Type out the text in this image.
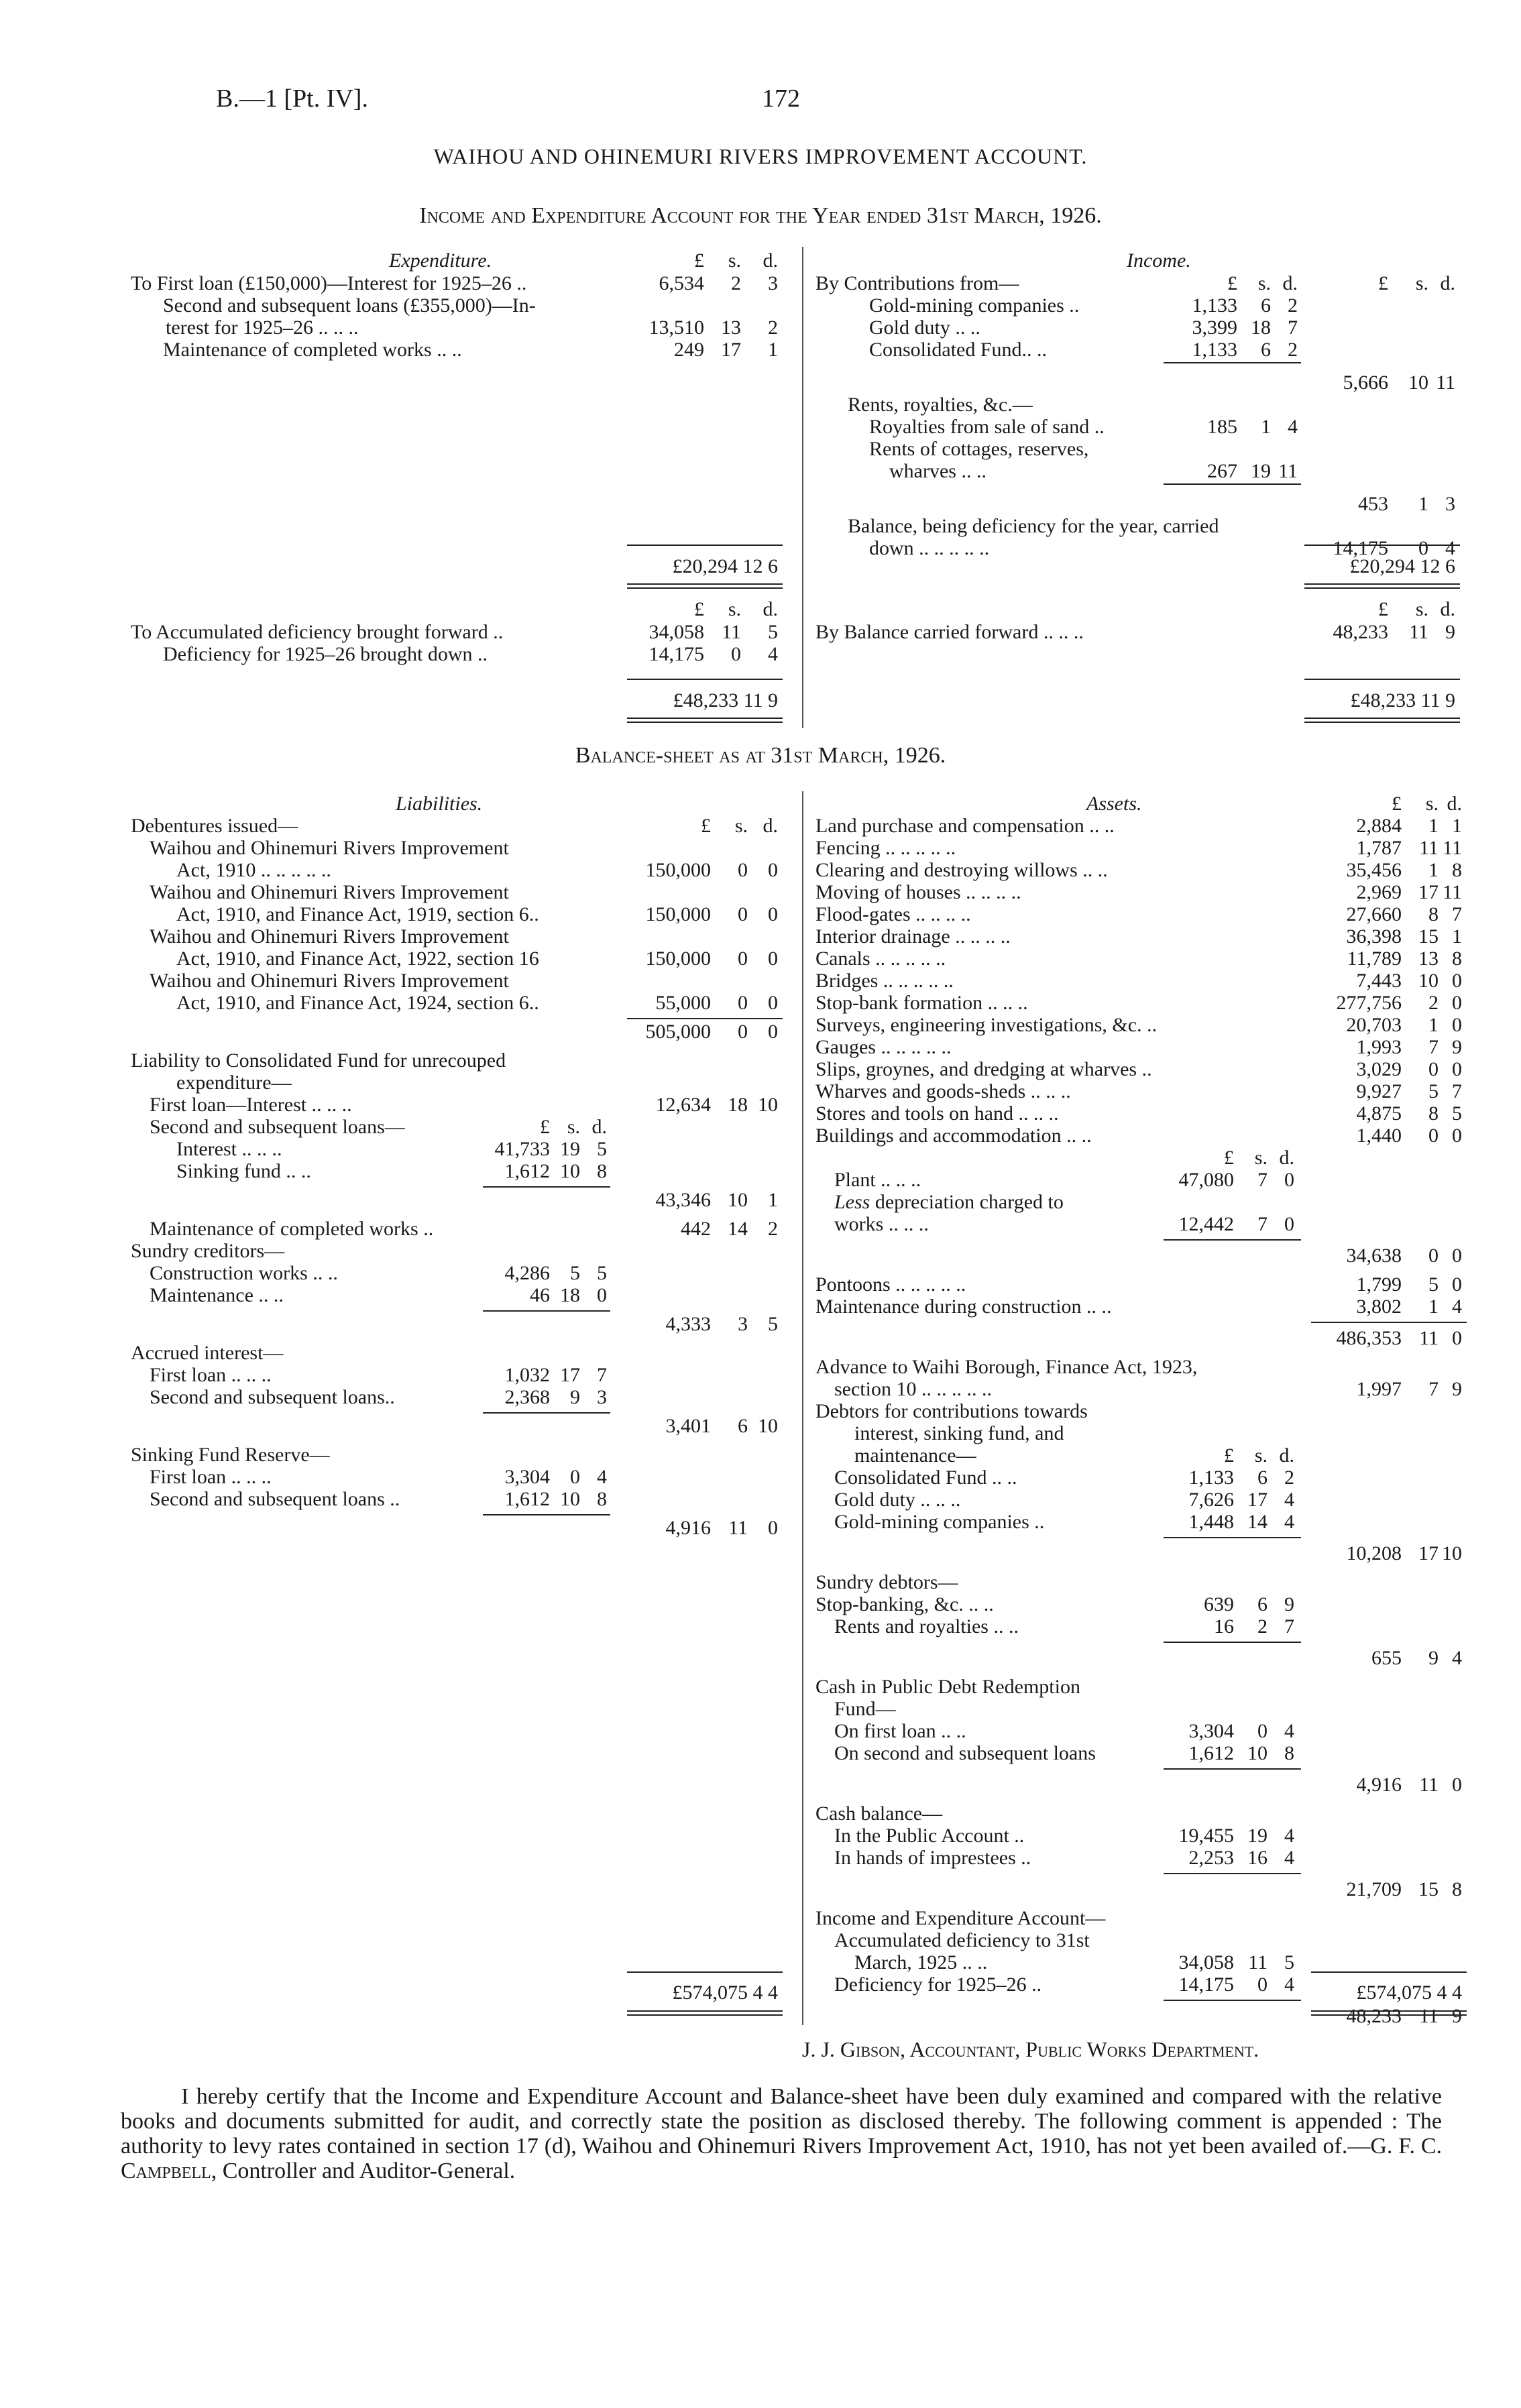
B.—1 [Pt. IV].	172
WAIHOU AND OHINEMURI RIVERS IMPROVEMENT ACCOUNT.
Income and Expenditure Account for the Year ended 31st March, 1926.
Balance-sheet as at 31st March, 1926.
J. J. Gibson, Accountant, Public Works Department.
I hereby certify that the Income and Expenditure Account and Balance-sheet have been duly examined and compared with the relative books and documents submitted for audit, and correctly state the position as disclosed thereby. The following comment is appended : The authority to levy rates contained in section 17 (d), Waihou and Ohinemuri Rivers Improvement Act, 1910, has not yet been availed of.—G. F. C. Campbell, Controller and Auditor-General.
Expenditure.	£	s.	d.
To First loan (£150,000)—Interest for 1925–26 ..	6,534	2	3
Second and subsequent loans (£355,000)—In-
terest for 1925–26 .. .. ..	13,510 13	2
Maintenance of completed works .. ..	249 17	1
£20,294 12 6
£	s.	d.
To Accumulated deficiency brought forward ..	34,058 11	5
Deficiency for 1925–26 brought down ..	14,175	0	4
£48,233 11 9
Income.
£	s. d.	£	s. d.
By Contributions from—
Gold-mining companies ..	1,133	6 2
Gold duty .. ..	3,399 18 7
Consolidated Fund.. ..	1,133	6 2
5,666	10 11
Rents, royalties, &c.—
Royalties from sale of sand ..	185	1 4
Rents of cottages, reserves,
wharves .. ..	267 19 11
453	1 3
Balance, being deficiency for the year, carried
down .. .. .. .. ..	14,175	0 4
£20,294 12 6
£	s. d.
By Balance carried forward .. .. ..	48,233	11 9
£48,233 11 9
Liabilities.
£	s. d.
Debentures issued—
Waihou and Ohinemuri Rivers Improvement
Act, 1910 .. .. .. .. ..	150,000	0	0
Waihou and Ohinemuri Rivers Improvement
Act, 1910, and Finance Act, 1919, section 6..	150,000	0	0
Waihou and Ohinemuri Rivers Improvement
Act, 1910, and Finance Act, 1922, section 16	150,000	0	0
Waihou and Ohinemuri Rivers Improvement
Act, 1910, and Finance Act, 1924, section 6..	55,000	0	0
505,000	0	0
Liability to Consolidated Fund for unrecouped
expenditure—
First loan—Interest .. .. ..	12,634 18 10
Second and subsequent loans—	£ s. d.
Interest .. .. ..	41,733 19 5
Sinking fund .. ..	1,612 10 8
43,346 10	1
Maintenance of completed works ..	442 14	2
Sundry creditors—
Construction works .. ..	4,286	5 5
Maintenance .. ..	46 18 0
4,333	3	5
Accrued interest—
First loan .. .. ..	1,032 17 7
Second and subsequent loans..	2,368	9 3
3,401	6 10
Sinking Fund Reserve—
First loan .. .. ..	3,304	0 4
Second and subsequent loans ..	1,612 10 8
4,916 11	0
£574,075 4 4
Assets.	£	s. d.
Land purchase and compensation .. ..	2,884	1 1
Fencing .. .. .. .. ..	1,787 11 11
Clearing and destroying willows .. ..	35,456	1 8
Moving of houses .. .. .. ..	2,969 17 11
Flood-gates .. .. .. ..	27,660	8 7
Interior drainage .. .. .. ..	36,398 15 1
Canals .. .. .. .. ..	11,789 13 8
Bridges .. .. .. .. ..	7,443 10 0
Stop-bank formation .. .. ..	277,756	2 0
Surveys, engineering investigations, &c. ..	20,703	1 0
Gauges .. .. .. .. ..	1,993	7 9
Slips, groynes, and dredging at wharves ..	3,029	0 0
Wharves and goods-sheds .. .. ..	9,927	5 7
Stores and tools on hand .. .. ..	4,875	8 5
Buildings and accommodation .. ..	1,440	0 0
£	s. d.
Plant .. .. ..	47,080	7 0
Less depreciation charged to
works .. .. ..	12,442	7 0
34,638	0 0
Pontoons .. .. .. .. ..	1,799	5 0
Maintenance during construction .. ..	3,802	1 4
486,353 11 0
Advance to Waihi Borough, Finance Act, 1923,
section 10 .. .. .. .. ..	1,997	7 9
Debtors for contributions towards
interest, sinking fund, and
maintenance—	£	s. d.
Consolidated Fund .. ..	1,133	6 2
Gold duty .. .. ..	7,626 17 4
Gold-mining companies ..	1,448 14 4
10,208 17 10
Sundry debtors—
Stop-banking, &c. .. ..	639	6 9
Rents and royalties .. ..	16	2 7
655	9 4
Cash in Public Debt Redemption
Fund—
On first loan .. ..	3,304	0 4
On second and subsequent loans	1,612 10 8
4,916 11 0
Cash balance—
In the Public Account ..	19,455 19 4
In hands of imprestees ..	2,253 16 4
21,709 15 8
Income and Expenditure Account—
Accumulated deficiency to 31st
March, 1925 .. ..	34,058 11 5
Deficiency for 1925–26 ..	14,175	0 4
48,233 11 9
£574,075 4 4
